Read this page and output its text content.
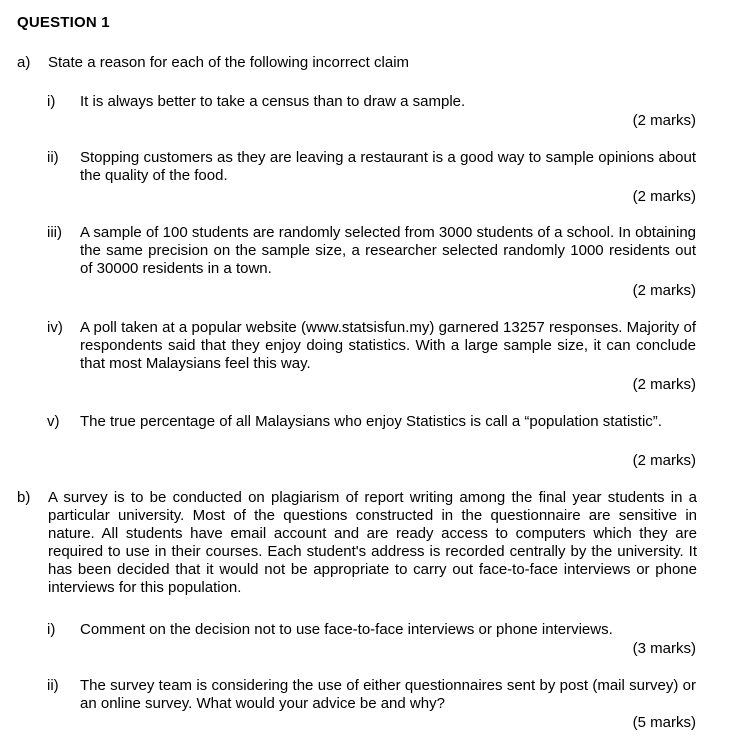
QUESTION 1
a) State a reason for each of the following incorrect claim
i) It is always better to take a census than to draw a sample.
(2 marks)
ii) Stopping customers as they are leaving a restaurant is a good way to sample opinions about the quality of the food.
(2 marks)
iii) A sample of 100 students are randomly selected from 3000 students of a school. In obtaining the same precision on the sample size, a researcher selected randomly 1000 residents out of 30000 residents in a town.
(2 marks)
iv) A poll taken at a popular website (www.statsisfun.my) garnered 13257 responses. Majority of respondents said that they enjoy doing statistics. With a large sample size, it can conclude that most Malaysians feel this way.
(2 marks)
v) The true percentage of all Malaysians who enjoy Statistics is call a “population statistic”.
(2 marks)
b) A survey is to be conducted on plagiarism of report writing among the final year students in a particular university. Most of the questions constructed in the questionnaire are sensitive in nature. All students have email account and are ready access to computers which they are required to use in their courses. Each student's address is recorded centrally by the university. It has been decided that it would not be appropriate to carry out face-to-face interviews or phone interviews for this population.
i) Comment on the decision not to use face-to-face interviews or phone interviews.
(3 marks)
ii) The survey team is considering the use of either questionnaires sent by post (mail survey) or an online survey. What would your advice be and why?
(5 marks)
